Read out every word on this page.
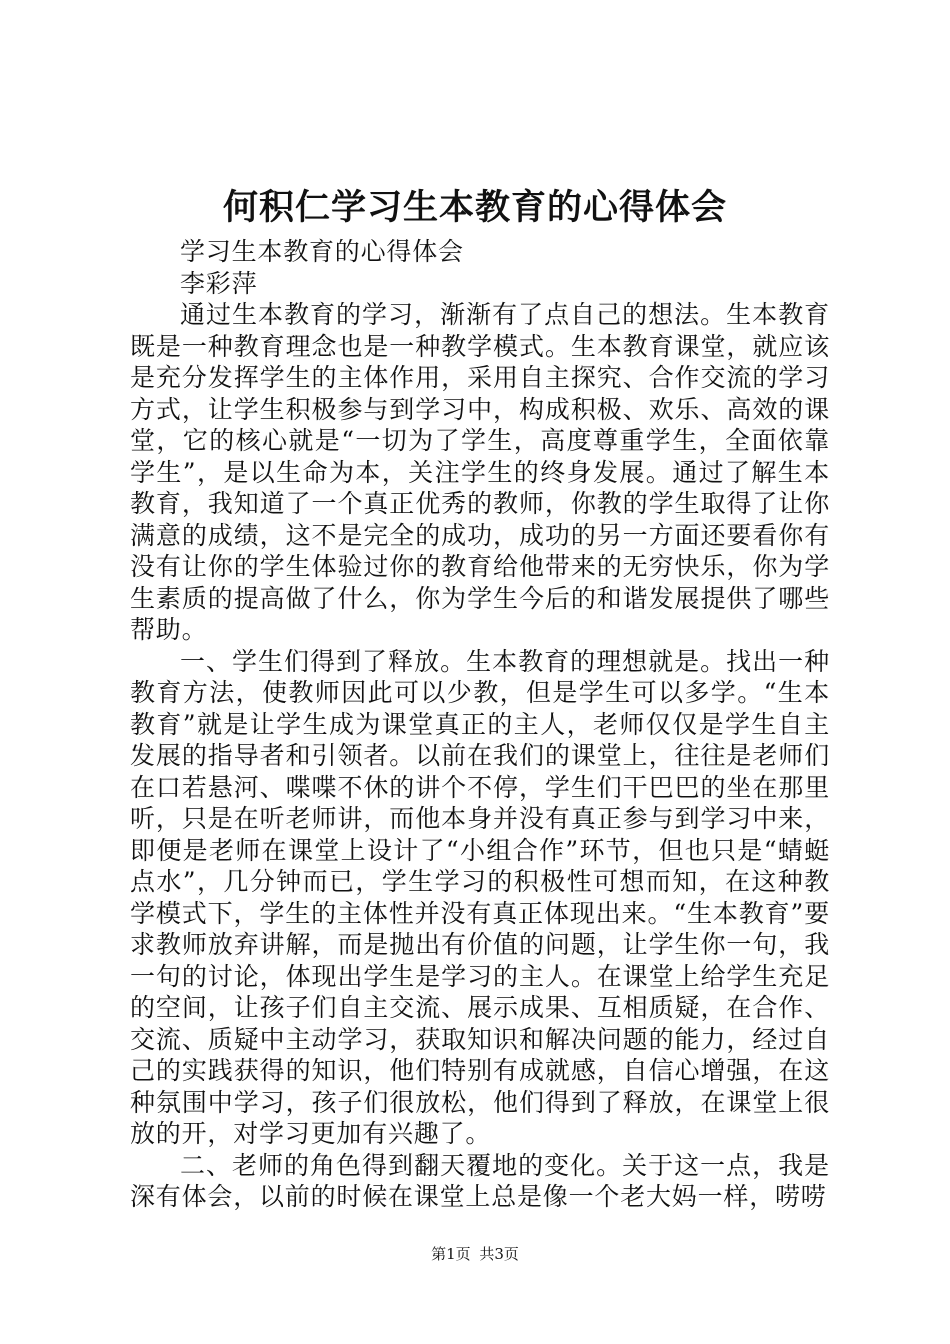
何积仁学习生本教育的心得体会

学习生本教育的心得体会

李彩萍

通过生本教育的学习，渐渐有了点自己的想法。生本教育既是一种教育理念也是一种教学模式。生本教育课堂，就应该是充分发挥学生的主体作用，采用自主探究、合作交流的学习方式，让学生积极参与到学习中，构成积极、欢乐、高效的课堂，它的核心就是“一切为了学生，高度尊重学生，全面依靠学生”，是以生命为本，关注学生的终身发展。通过了解生本教育，我知道了一个真正优秀的教师，你教的学生取得了让你满意的成绩，这不是完全的成功，成功的另一方面还要看你有没有让你的学生体验过你的教育给他带来的无穷快乐，你为学生素质的提高做了什么，你为学生今后的和谐发展提供了哪些帮助。

一、学生们得到了释放。生本教育的理想就是。找出一种教育方法，使教师因此可以少教，但是学生可以多学。“生本教育”就是让学生成为课堂真正的主人，老师仅仅是学生自主发展的指导者和引领者。以前在我们的课堂上，往往是老师们在口若悬河、喋喋不休的讲个不停，学生们干巴巴的坐在那里听，只是在听老师讲，而他本身并没有真正参与到学习中来，即便是老师在课堂上设计了“小组合作”环节，但也只是“蜻蜓点水”，几分钟而已，学生学习的积极性可想而知，在这种教学模式下，学生的主体性并没有真正体现出来。“生本教育”要求教师放弃讲解，而是抛出有价值的问题，让学生你一句，我一句的讨论，体现出学生是学习的主人。在课堂上给学生充足的空间，让孩子们自主交流、展示成果、互相质疑，在合作、交流、质疑中主动学习，获取知识和解决问题的能力，经过自己的实践获得的知识，他们特别有成就感，自信心增强，在这种氛围中学习，孩子们很放松，他们得到了释放，在课堂上很放的开，对学习更加有兴趣了。

二、老师的角色得到翻天覆地的变化。关于这一点，我是深有体会，以前的时候在课堂上总是像一个老大妈一样，唠唠

第1页 共3页
